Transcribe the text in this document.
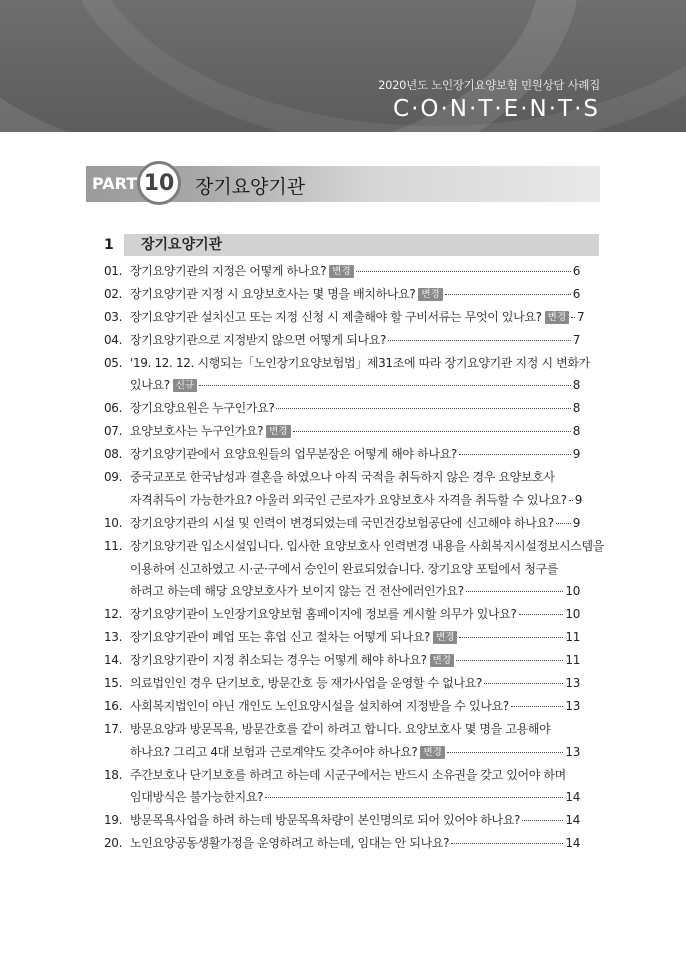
2020년도 노인장기요양보험 민원상담 사례집
C·O·N·T·E·N·T·S
PART 10	장기요양기관
1	장기요양기관
01. 장기요양기관의 지정은 어떻게 하나요? 변경	6
02. 장기요양기관 지정 시 요양보호사는 몇 명을 배치하나요? 변경	6
03. 장기요양기관 설치신고 또는 지정 신청 시 제출해야 할 구비서류는 무엇이 있나요? 변경 7
04. 장기요양기관으로 지정받지 않으면 어떻게 되나요?	7
05. '19. 12. 12. 시행되는「노인장기요양보험법」제31조에 따라 장기요양기관 지정 시 변화가
있나요? 신규	8
06. 장기요양요원은 누구인가요?	8
07. 요양보호사는 누구인가요? 변경	8
08. 장기요양기관에서 요양요원들의 업무분장은 어떻게 해야 하나요?	9
09. 중국교포로 한국남성과 결혼을 하였으나 아직 국적을 취득하지 않은 경우 요양보호사
자격취득이 가능한가요? 아울러 외국인 근로자가 요양보호사 자격을 취득할 수 있나요? 9
10. 장기요양기관의 시설 및 인력이 변경되었는데 국민건강보험공단에 신고해야 하나요? 9
11. 장기요양기관 입소시설입니다. 입사한 요양보호사 인력변경 내용을 사회복지시설정보시스템을
이용하여 신고하였고 시·군·구에서 승인이 완료되었습니다. 장기요양 포털에서 청구를
하려고 하는데 해당 요양보호사가 보이지 않는 건 전산에러인가요?	10
12. 장기요양기관이 노인장기요양보험 홈페이지에 정보를 게시할 의무가 있나요?	10
13. 장기요양기관이 폐업 또는 휴업 신고 절차는 어떻게 되나요? 변경	11
14. 장기요양기관이 지정 취소되는 경우는 어떻게 해야 하나요? 변경	11
15. 의료법인인 경우 단기보호, 방문간호 등 재가사업을 운영할 수 없나요?	13
16. 사회복지법인이 아닌 개인도 노인요양시설을 설치하여 지정받을 수 있나요?	13
17. 방문요양과 방문목욕, 방문간호를 같이 하려고 합니다. 요양보호사 몇 명을 고용해야
하나요? 그리고 4대 보험과 근로계약도 갖추어야 하나요? 변경	13
18. 주간보호나 단기보호를 하려고 하는데 시군구에서는 반드시 소유권을 갖고 있어야 하며
임대방식은 불가능한지요?	14
19. 방문목욕사업을 하려 하는데 방문목욕차량이 본인명의로 되어 있어야 하나요?	14
20. 노인요양공동생활가정을 운영하려고 하는데, 임대는 안 되나요?	14
